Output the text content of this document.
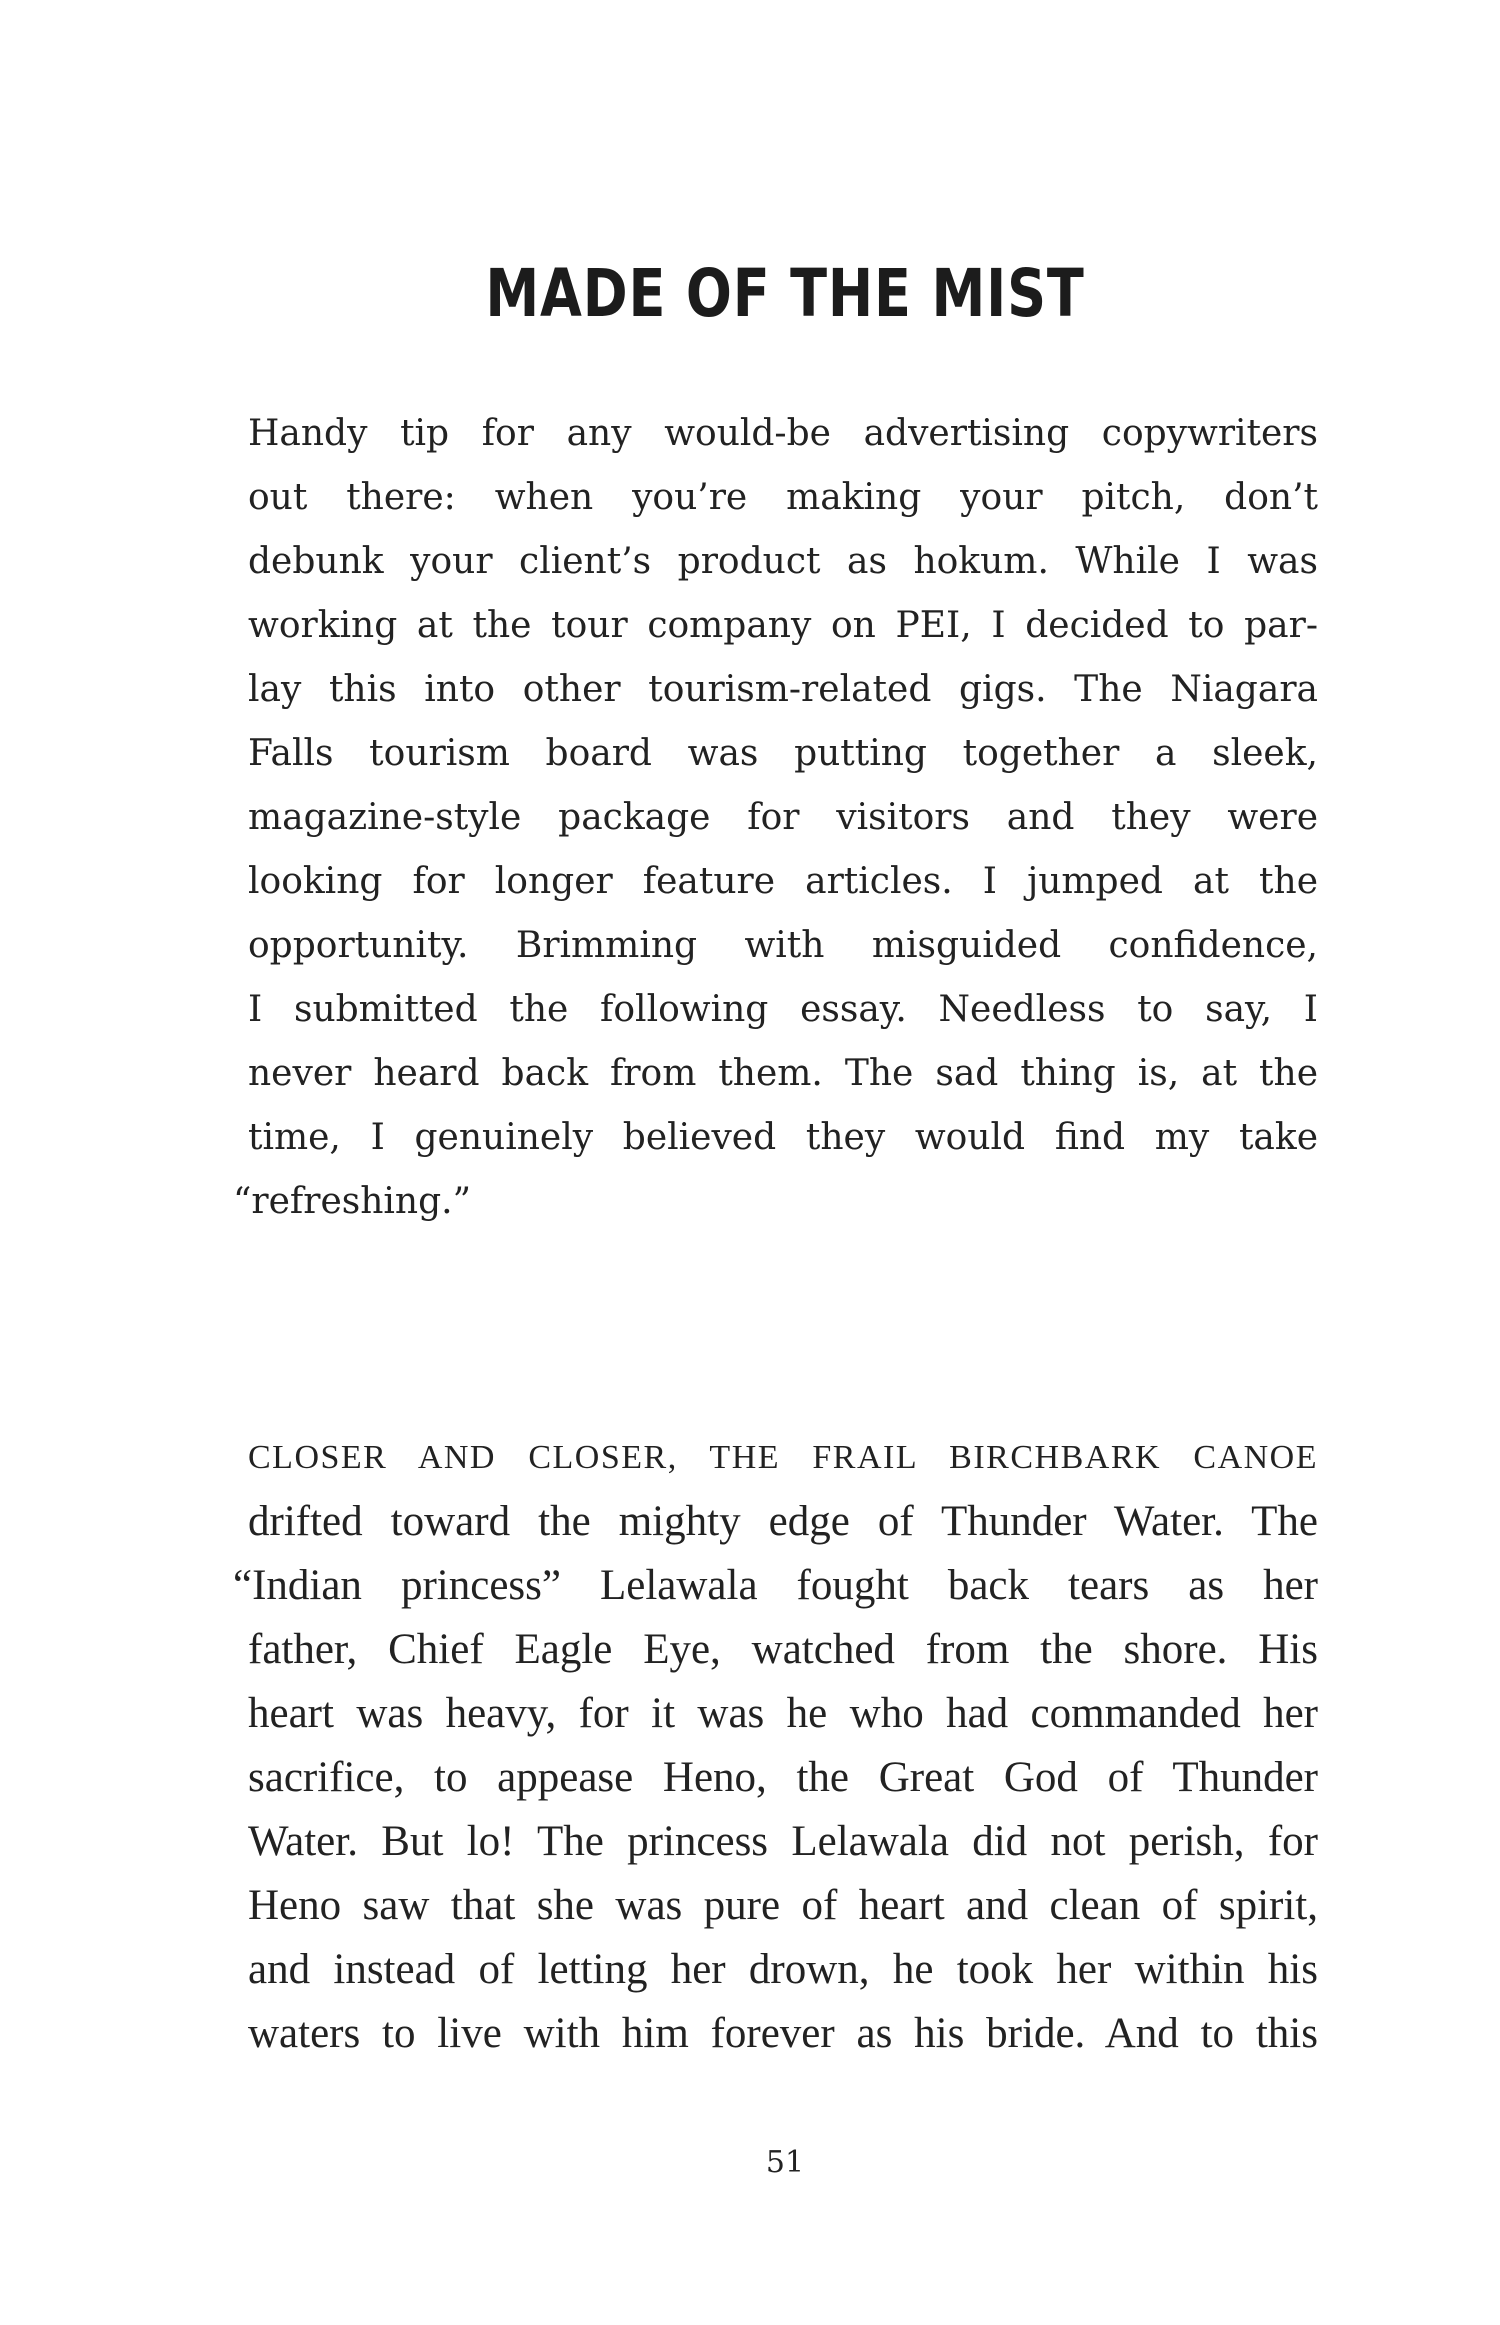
MADE OF THE MIST

Handy tip for any would-be advertising copywriters

out there: when you’re making your pitch, don’t

debunk your client’s product as hokum. While I was

working at the tour company on PEI, I decided to par-

lay this into other tourism-related gigs. The Niagara

Falls tourism board was putting together a sleek,

magazine-style package for visitors and they were

looking for longer feature articles. I jumped at the

opportunity. Brimming with misguided confidence,

I submitted the following essay. Needless to say, I

never heard back from them. The sad thing is, at the

time, I genuinely believed they would find my take

“refreshing.”

CLOSER AND CLOSER, THE FRAIL BIRCHBARK CANOE

drifted toward the mighty edge of Thunder Water. The

“Indian princess” Lelawala fought back tears as her

father, Chief Eagle Eye, watched from the shore. His

heart was heavy, for it was he who had commanded her

sacrifice, to appease Heno, the Great God of Thunder

Water. But lo! The princess Lelawala did not perish, for

Heno saw that she was pure of heart and clean of spirit,

and instead of letting her drown, he took her within his

waters to live with him forever as his bride. And to this

51
